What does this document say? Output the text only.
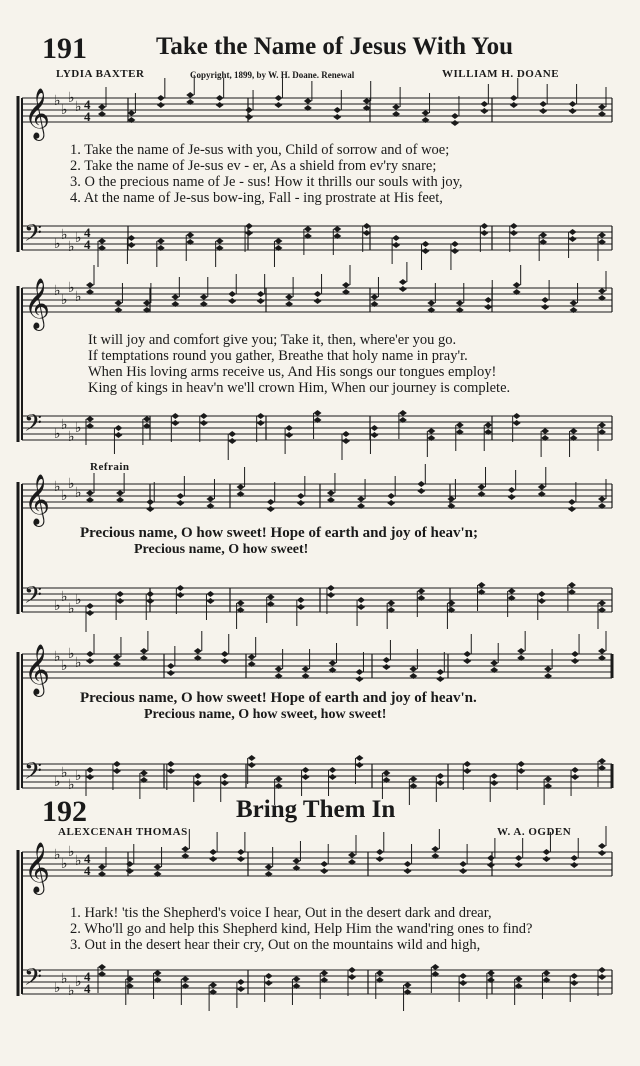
191	Take the Name of Jesus With You
LYDIA BAXTER	Copyright, 1899, by W. H. Doane. Renewal	WILLIAM H. DOANE
𝄞 ♭
♭
♭
♭ 4
4
𝄢 ♭
♭
♭
♭ 4
4
1. Take the name of Je-sus with you, Child of sorrow and of woe;
2. Take the name of Je-sus ev - er, As a shield from ev'ry snare;
3. O the precious name of Je - sus! How it thrills our souls with joy,
4. At the name of Je-sus bow-ing, Fall - ing prostrate at His feet,
𝄞 ♭
♭
♭
♭
𝄢 ♭
♭
♭
♭
It will joy and comfort give you; Take it, then, where'er you go.
If temptations round you gather, Breathe that holy name in pray'r.
When His loving arms receive us, And His songs our tongues employ!
King of kings in heav'n we'll crown Him, When our journey is complete.
Refrain
𝄞 ♭
♭
♭
♭
𝄢 ♭
♭
♭
♭
Precious name, O how sweet! Hope of earth and joy of heav'n;
Precious name, O how sweet!
𝄞 ♭
♭
♭
♭
𝄢 ♭
♭
♭
♭
Precious name, O how sweet! Hope of earth and joy of heav'n.
Precious name, O how sweet, how sweet!
192	Bring Them In
ALEXCENAH THOMAS	W. A. OGDEN
𝄞 ♭
♭
♭
♭ 4
4
𝄢 ♭
♭
♭
♭ 4
4
1. Hark! 'tis the Shepherd's voice I hear, Out in the desert dark and drear,
2. Who'll go and help this Shepherd kind, Help Him the wand'ring ones to find?
3. Out in the desert hear their cry, Out on the mountains wild and high,
